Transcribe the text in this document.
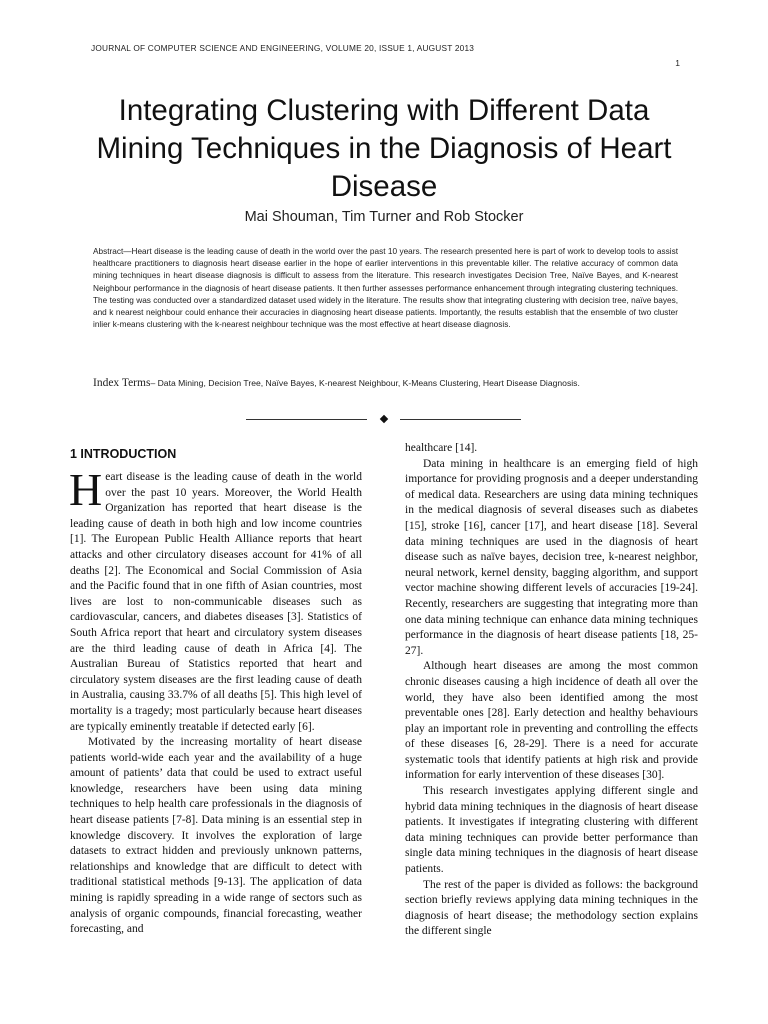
JOURNAL OF COMPUTER SCIENCE AND ENGINEERING, VOLUME 20, ISSUE 1, AUGUST 2013
1
Integrating Clustering with Different Data Mining Techniques in the Diagnosis of Heart Disease
Mai Shouman, Tim Turner and Rob Stocker

Abstract—Heart disease is the leading cause of death in the world over the past 10 years. The research presented here is part of work to develop tools to assist healthcare practitioners to diagnosis heart disease earlier in the hope of earlier interventions in this preventable killer. The relative accuracy of common data mining techniques in heart disease diagnosis is difficult to assess from the literature. This research investigates Decision Tree, Naïve Bayes, and K-nearest Neighbour performance in the diagnosis of heart disease patients. It then further assesses performance enhancement through integrating clustering techniques. The testing was conducted over a standardized dataset used widely in the literature. The results show that integrating clustering with decision tree, naïve bayes, and k nearest neighbour could enhance their accuracies in diagnosing heart disease patients. Importantly, the results establish that the ensemble of two cluster inlier k-means clustering with the k-nearest neighbour technique was the most effective at heart disease diagnosis.

Index Terms– Data Mining, Decision Tree, Naïve Bayes, K-nearest Neighbour, K-Means Clustering, Heart Disease Diagnosis.

1 INTRODUCTION

Heart disease is the leading cause of death in the world over the past 10 years. Moreover, the World Health Organization has reported that heart disease is the leading cause of death in both high and low income countries [1]. The European Public Health Alliance reports that heart attacks and other circulatory diseases account for 41% of all deaths [2]. The Economical and Social Commission of Asia and the Pacific found that in one fifth of Asian countries, most lives are lost to non-communicable diseases such as cardiovascular, cancers, and diabetes diseases [3]. Statistics of South Africa report that heart and circulatory system diseases are the third leading cause of death in Africa [4]. The Australian Bureau of Statistics reported that heart and circulatory system diseases are the first leading cause of death in Australia, causing 33.7% of all deaths [5]. This high level of mortality is a tragedy; most particularly because heart diseases are typically eminently treatable if detected early [6].

Motivated by the increasing mortality of heart disease patients world-wide each year and the availability of a huge amount of patients’ data that could be used to extract useful knowledge, researchers have been using data mining techniques to help health care professionals in the diagnosis of heart disease patients [7-8]. Data mining is an essential step in knowledge discovery. It involves the exploration of large datasets to extract hidden and previously unknown patterns, relationships and knowledge that are difficult to detect with traditional statistical methods [9-13]. The application of data mining is rapidly spreading in a wide range of sectors such as analysis of organic compounds, financial forecasting, weather forecasting, and

healthcare [14].

Data mining in healthcare is an emerging field of high importance for providing prognosis and a deeper understanding of medical data. Researchers are using data mining techniques in the medical diagnosis of several diseases such as diabetes [15], stroke [16], cancer [17], and heart disease [18]. Several data mining techniques are used in the diagnosis of heart disease such as naïve bayes, decision tree, k-nearest neighbor, neural network, kernel density, bagging algorithm, and support vector machine showing different levels of accuracies [19-24]. Recently, researchers are suggesting that integrating more than one data mining technique can enhance data mining techniques performance in the diagnosis of heart disease patients [18, 25-27].

Although heart diseases are among the most common chronic diseases causing a high incidence of death all over the world, they have also been identified among the most preventable ones [28]. Early detection and healthy behaviours play an important role in preventing and controlling the effects of these diseases [6, 28-29]. There is a need for accurate systematic tools that identify patients at high risk and provide information for early intervention of these diseases [30].

This research investigates applying different single and hybrid data mining techniques in the diagnosis of heart disease patients. It investigates if integrating clustering with different data mining techniques can provide better performance than single data mining techniques in the diagnosis of heart disease patients.

The rest of the paper is divided as follows: the background section briefly reviews applying data mining techniques in the diagnosis of heart disease; the methodology section explains the different single
